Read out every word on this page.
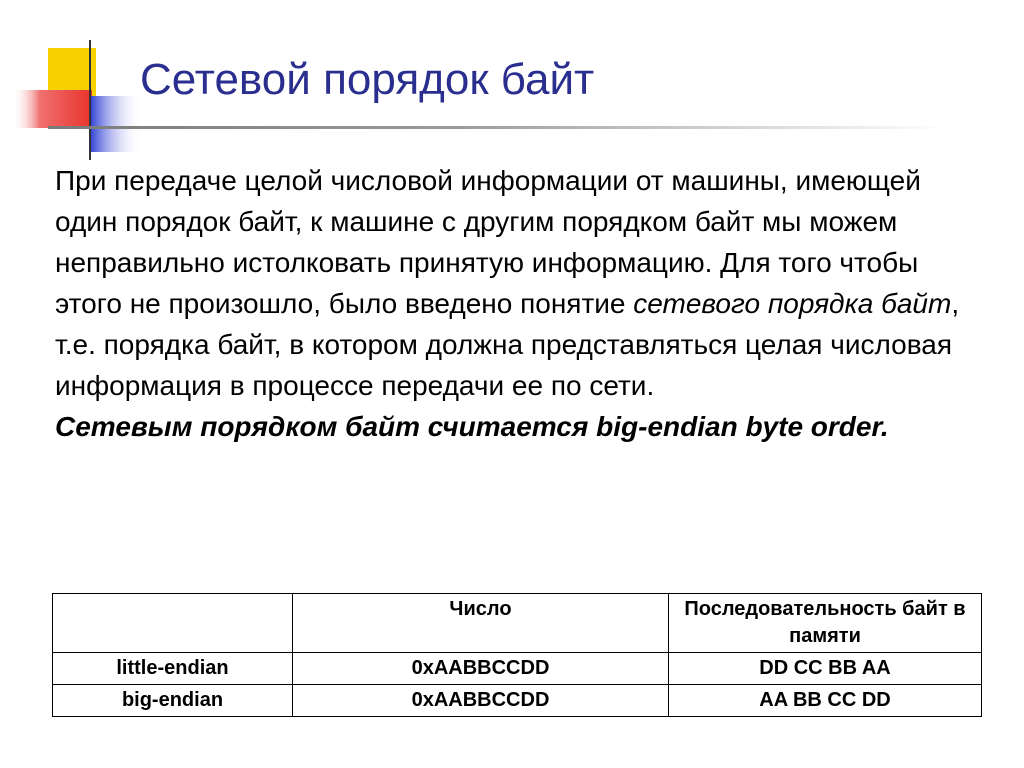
Сетевой порядок байт

При передаче целой числовой информации от машины, имеющей один порядок байт, к машине с другим порядком байт мы можем неправильно истолковать принятую информацию. Для того чтобы этого не произошло, было введено понятие сетевого порядка байт, т.е. порядка байт, в котором должна представляться целая числовая информация в процессе передачи ее по сети.

Сетевым порядком байт считается big-endian byte order.

	Число	Последовательность байт в памяти
little-endian	0xAABBCCDD	DD CC BB AA
big-endian	0xAABBCCDD	AA BB CC DD
